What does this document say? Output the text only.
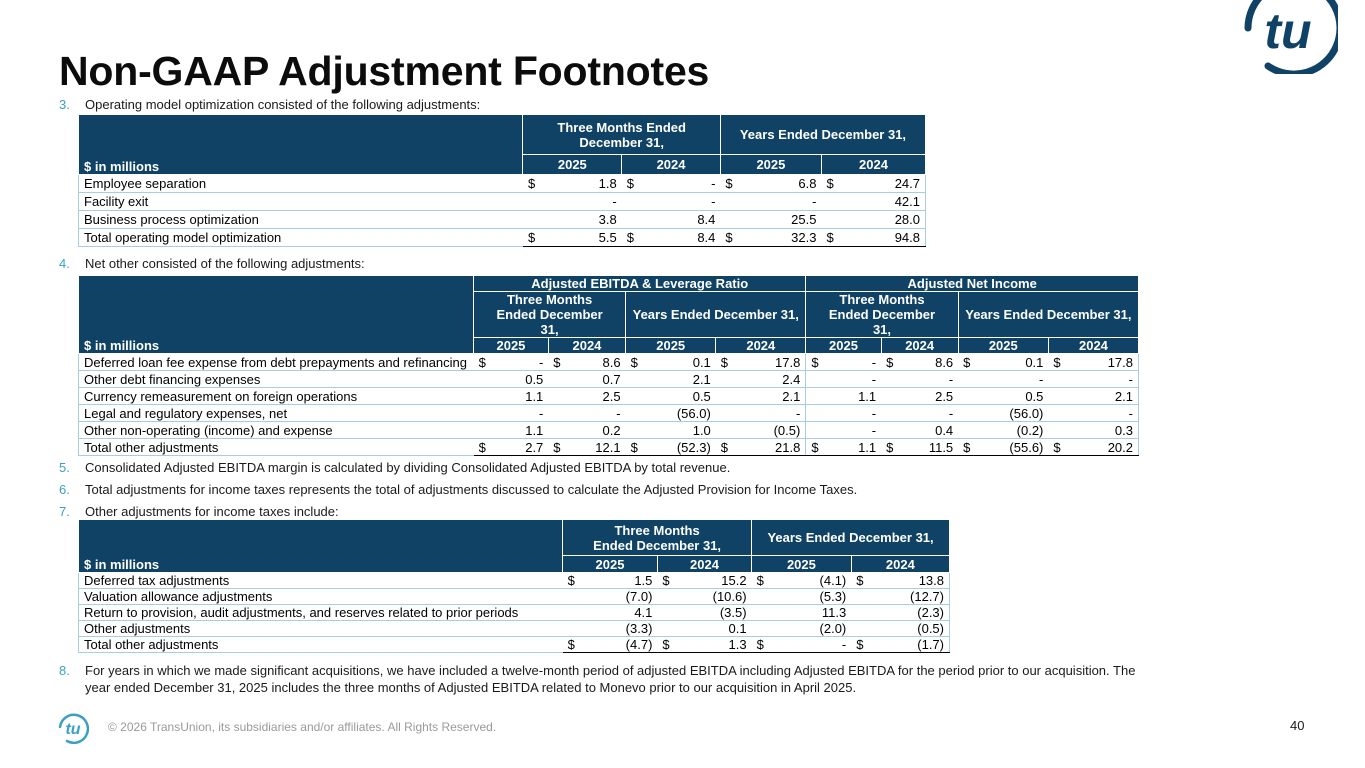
Non-GAAP Adjustment Footnotes
tu
3. Operating model optimization consisted of the following adjustments:
$ in millions	Three Months Ended December 31,				Years Ended December 31,			
	2025		2024		2025		2024	
Employee separation	$	1.8	$	-	$	6.8	$	24.7
Facility exit		-		-		-		42.1
Business process optimization		3.8		8.4		25.5		28.0
Total operating model optimization	$	5.5	$	8.4	$	32.3	$	94.8
4. Net other consisted of the following adjustments:
$ in millions	Adjusted EBITDA & Leverage Ratio								Adjusted Net Income							
	Three Months Ended December 31,				Years Ended December 31,				Three Months Ended December 31,				Years Ended December 31,			
	2025		2024		2025		2024		2025		2024		2025		2024	
Deferred loan fee expense from debt prepayments and refinancing	$	-	$	8.6	$	0.1	$	17.8	$	-	$	8.6	$	0.1	$	17.8
Other debt financing expenses		0.5		0.7		2.1		2.4		-		-		-		-
Currency remeasurement on foreign operations		1.1		2.5		0.5		2.1		1.1		2.5		0.5		2.1
Legal and regulatory expenses, net		-		-		(56.0)		-		-		-		(56.0)		-
Other non-operating (income) and expense		1.1		0.2		1.0		(0.5)		-		0.4		(0.2)		0.3
Total other adjustments	$	2.7	$	12.1	$	(52.3)	$	21.8	$	1.1	$	11.5	$	(55.6)	$	20.2
5. Consolidated Adjusted EBITDA margin is calculated by dividing Consolidated Adjusted EBITDA by total revenue.
6. Total adjustments for income taxes represents the total of adjustments discussed to calculate the Adjusted Provision for Income Taxes.
7. Other adjustments for income taxes include:
$ in millions	Three Months Ended December 31,				Years Ended December 31,			
	2025		2024		2025		2024	
Deferred tax adjustments	$	1.5	$	15.2	$	(4.1)	$	13.8
Valuation allowance adjustments		(7.0)		(10.6)		(5.3)		(12.7)
Return to provision, audit adjustments, and reserves related to prior periods		4.1		(3.5)		11.3		(2.3)
Other adjustments		(3.3)		0.1		(2.0)		(0.5)
Total other adjustments	$	(4.7)	$	1.3	$	-	$	(1.7)
8. For years in which we made significant acquisitions, we have included a twelve-month period of adjusted EBITDA including Adjusted EBITDA for the period prior to our acquisition. The year ended December 31, 2025 includes the three months of Adjusted EBITDA related to Monevo prior to our acquisition in April 2025.
tu © 2026 TransUnion, its subsidiaries and/or affiliates. All Rights Reserved.	40
